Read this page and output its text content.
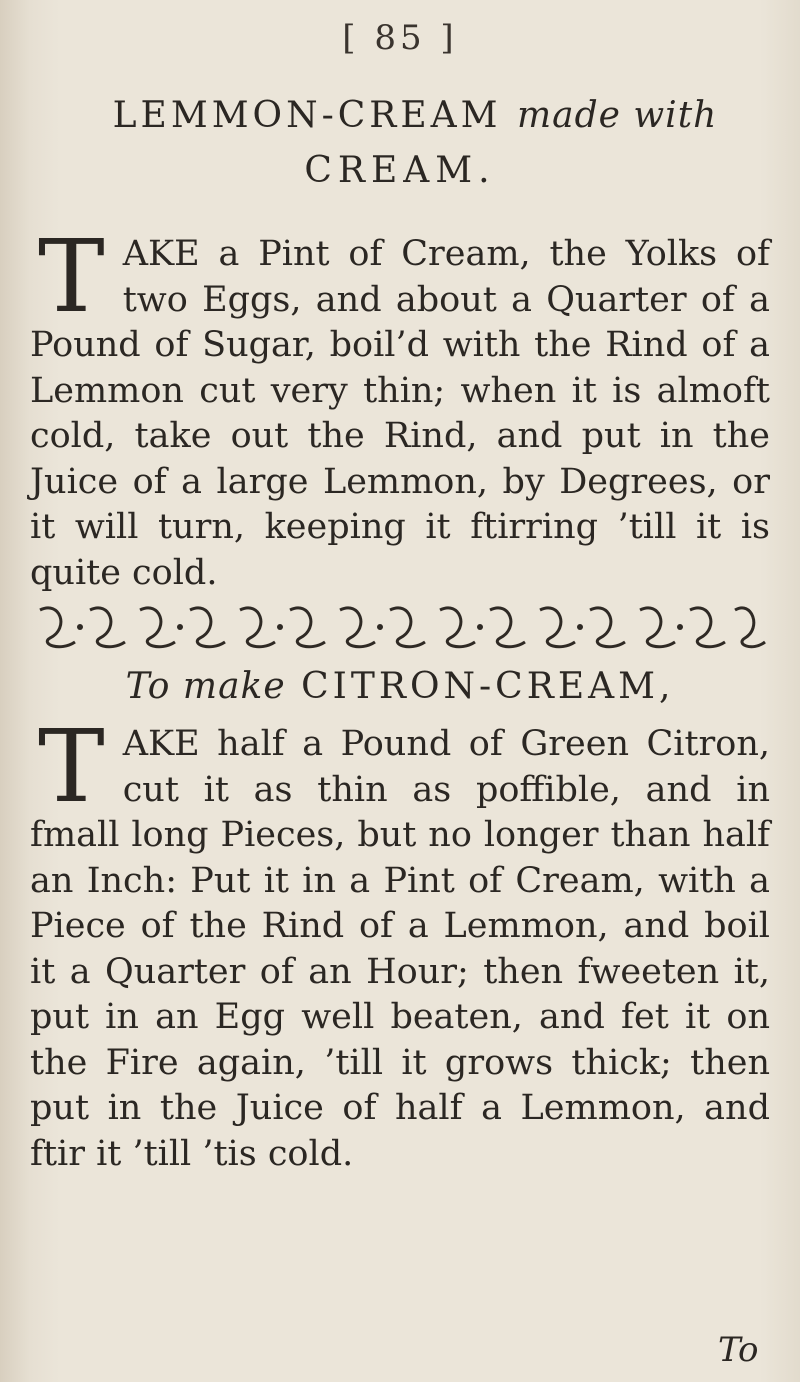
[ 85 ]
LEMMON-CREAM made with
CREAM.
T AKE a Pint of Cream, the Yolks of two Eggs, and about a Quarter of a Pound of Sugar, boil’d with the Rind of a Lemmon cut very thin; when it is almoft cold, take out the Rind, and put in the Juice of a large Lemmon, by Degrees, or it will turn, keeping it ftirring ’till it is quite cold.

To make CITRON-CREAM,
T AKE half a Pound of Green Citron, cut it as thin as poffible, and in fmall long Pieces, but no longer than half an Inch: Put it in a Pint of Cream, with a Piece of the Rind of a Lemmon, and boil it a Quarter of an Hour; then fweeten it, put in an Egg well beaten, and fet it on the Fire again, ’till it grows thick; then put in the Juice of half a Lemmon, and ftir it ’till ’tis cold.

To
